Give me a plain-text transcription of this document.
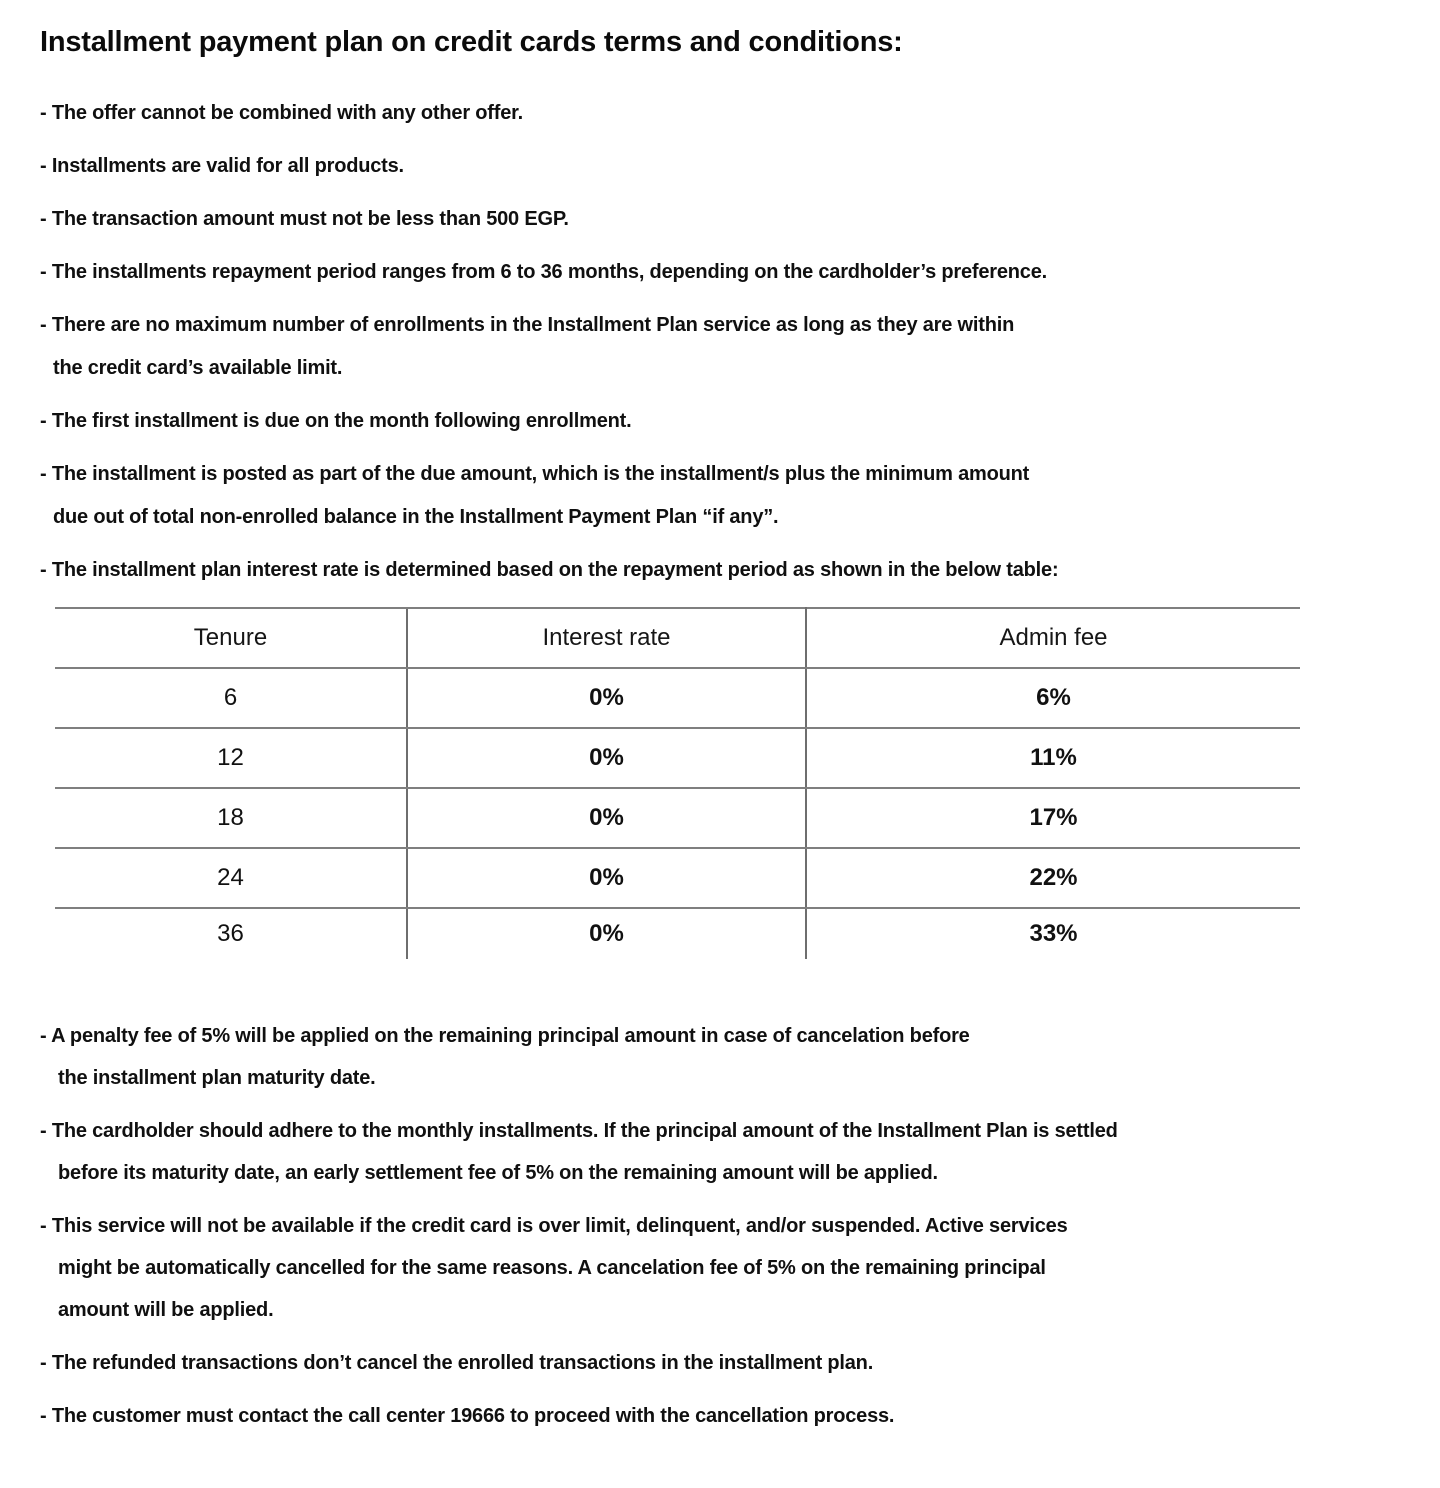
Installment payment plan on credit cards terms and conditions:

- The offer cannot be combined with any other offer.

- Installments are valid for all products.

- The transaction amount must not be less than 500 EGP.

- The installments repayment period ranges from 6 to 36 months, depending on the cardholder’s preference.

- There are no maximum number of enrollments in the Installment Plan service as long as they are within
the credit card’s available limit.

- The first installment is due on the month following enrollment.

- The installment is posted as part of the due amount, which is the installment/s plus the minimum amount
due out of total non-enrolled balance in the Installment Payment Plan “if any”.

- The installment plan interest rate is determined based on the repayment period as shown in the below table:

Tenure	Interest rate	Admin fee
6	0%	6%
12	0%	11%
18	0%	17%
24	0%	22%
36	0%	33%

- A penalty fee of 5% will be applied on the remaining principal amount in case of cancelation before
the installment plan maturity date.

- The cardholder should adhere to the monthly installments. If the principal amount of the Installment Plan is settled
before its maturity date, an early settlement fee of 5% on the remaining amount will be applied.

- This service will not be available if the credit card is over limit, delinquent, and/or suspended. Active services
might be automatically cancelled for the same reasons. A cancelation fee of 5% on the remaining principal
amount will be applied.

- The refunded transactions don’t cancel the enrolled transactions in the installment plan.

- The customer must contact the call center 19666 to proceed with the cancellation process.
